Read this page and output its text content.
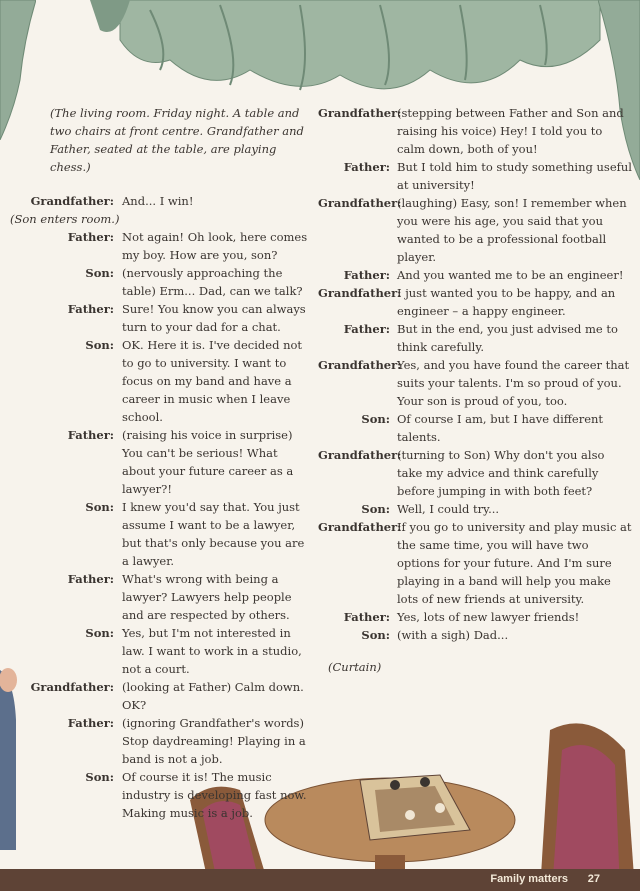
(The living room. Friday night. A table and two chairs at front centre. Grandfather and Father, seated at the table, are playing chess.)
Grandfather: And... I win!
(Son enters room.)
Father: Not again! Oh look, here comes my boy. How are you, son?
Son: (nervously approaching the table) Erm... Dad, can we talk?
Father: Sure! You know you can always turn to your dad for a chat.
Son: OK. Here it is. I've decided not to go to university. I want to focus on my band and have a career in music when I leave school.
Father: (raising his voice in surprise) You can't be serious! What about your future career as a lawyer?!
Son: I knew you'd say that. You just assume I want to be a lawyer, but that's only because you are a lawyer.
Father: What's wrong with being a lawyer? Lawyers help people and are respected by others.
Son: Yes, but I'm not interested in law. I want to work in a studio, not a court.
Grandfather: (looking at Father) Calm down. OK?
Father: (ignoring Grandfather's words) Stop daydreaming! Playing in a band is not a job.
Son: Of course it is! The music industry is developing fast now. Making music is a job.
Grandfather:
(stepping between Father and Son and raising his voice) Hey! I told you to calm down, both of you!
Father: But I told him to study something useful at university!
Grandfather:
(laughing) Easy, son! I remember when you were his age, you said that you wanted to be a professional football player.
Father: And you wanted me to be an engineer!
Grandfather:
I just wanted you to be happy, and an engineer – a happy engineer.
Father: But in the end, you just advised me to think carefully.
Grandfather:
Yes, and you have found the career that suits your talents. I'm so proud of you. Your son is proud of you, too.
Son: Of course I am, but I have different talents.
Grandfather:
(turning to Son) Why don't you also take my advice and think carefully before jumping in with both feet?
Son: Well, I could try...
Grandfather:
If you go to university and play music at the same time, you will have two options for your future. And I'm sure playing in a band will help you make lots of new friends at university.
Father: Yes, lots of new lawyer friends!
Son: (with a sigh) Dad...
(Curtain)
Family matters 27
